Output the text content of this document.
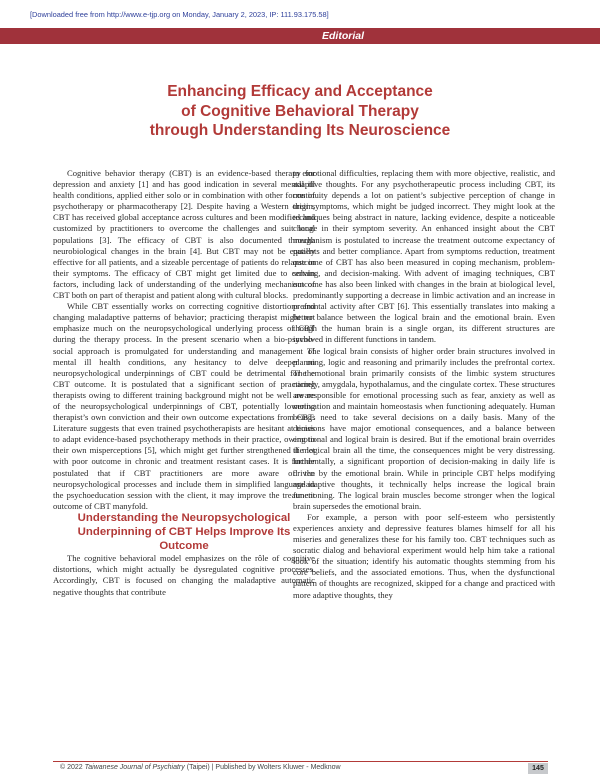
[Downloaded free from http://www.e-tjp.org on Monday, January 2, 2023, IP: 111.93.175.58]
Editorial
Enhancing Efficacy and Acceptance
of Cognitive Behavioral Therapy
through Understanding Its Neuroscience

Cognitive behavior therapy (CBT) is an evidence-based therapy for depression and anxiety [1] and has good indication in several mental ill health conditions, applied either solo or in combination with other forms of psychotherapy or pharmacotherapy [2]. Despite having a Western origin, CBT has received global acceptance across cultures and been modified and customized by practitioners to overcome the challenges and suit local populations [3]. The efficacy of CBT is also documented through neurobiological changes in the brain [4]. But CBT may not be equally effective for all patients, and a sizeable percentage of patients do relapse in their symptoms. The efficacy of CBT might get limited due to certain factors, including lack of understanding of the underlying mechanism of CBT both on part of therapist and patient along with cultural blocks.

While CBT essentially works on correcting cognitive distortions and changing maladaptive patterns of behavior; practicing therapist might not emphasize much on the neuropsychological underlying process of CBT during the therapy process. In the present scenario when a bio-psycho-social approach is promulgated for understanding and management of mental ill health conditions, any hesitancy to delve deeper on neuropsychological underpinnings of CBT could be detrimental for the CBT outcome. It is postulated that a significant section of practicing therapists owing to different training background might not be well aware of the neuropsychological underpinnings of CBT, potentially lowering therapist’s own conviction and their own outcome expectations from CBT. Literature suggests that even trained psychotherapists are hesitant at times to adapt evidence-based psychotherapy methods in their practice, owing to their own misperceptions [5], which might get further strengthened if met with poor outcome in chronic and treatment resistant cases. It is further postulated that if CBT practitioners are more aware of the neuropsychological processes and include them in simplified language in the psychoeducation session with the client, it may improve the treatment outcome of CBT manyfold.

Understanding the Neuropsychological Underpinning of CBT Helps Improve Its Outcome

The cognitive behavioral model emphasizes on the rôle of cognitive distortions, which might actually be dysregulated cognitive processes. Accordingly, CBT is focused on changing the maladaptive automatic negative thoughts that contribute

to emotional difficulties, replacing them with more objective, realistic, and adaptive thoughts. For any psychotherapeutic process including CBT, its continuity depends a lot on patient’s subjective perception of change in their symptoms, which might be judged incorrect. They might look at the techniques being abstract in nature, lacking evidence, despite a noticeable change in their symptom severity. An enhanced insight about the CBT mechanism is postulated to increase the treatment outcome expectancy of patients and better compliance. Apart from symptoms reduction, treatment outcome of CBT has also been measured in coping mechanism, problem-solving, and decision-making. With advent of imaging techniques, CBT outcome has also been linked with changes in the brain at biological level, predominantly supporting a decrease in limbic activation and an increase in prefrontal activity after CBT [6]. This essentially translates into making a better balance between the logical brain and the emotional brain. Even though the human brain is a single organ, its different structures are involved in different functions in tandem.

The logical brain consists of higher order brain structures involved in planning, logic and reasoning and primarily includes the prefrontal cortex. The emotional brain primarily consists of the limbic system structures namely, amygdala, hypothalamus, and the cingulate cortex. These structures are responsible for emotional processing such as fear, anxiety as well as motivation and maintain homeostasis when functioning adequately. Human beings need to take several decisions on a daily basis. Many of the decisions have major emotional consequences, and a balance between emotional and logical brain is desired. But if the emotional brain overrides the logical brain all the time, the consequences might be very distressing. Incidentally, a significant proportion of decision-making in daily life is driven by the emotional brain. While in principle CBT helps modifying maladaptive thoughts, it technically helps increase the logical brain functioning. The logical brain muscles become stronger when the logical brain supersedes the emotional brain.

For example, a person with poor self-esteem who persistently experiences anxiety and depressive features blames himself for all his miseries and generalizes these for his family too. CBT techniques such as socratic dialog and behavioral experiment would help him take a rational look of the situation; identify his automatic thoughts stemming from his core beliefs, and the associated emotions. Thus, when the dysfunctional pattern of thoughts are recognized, skipped for a change and practiced with more adaptive thoughts, they

© 2022 Taiwanese Journal of Psychiatry (Taipei) | Published by Wolters Kluwer - Medknow	145
